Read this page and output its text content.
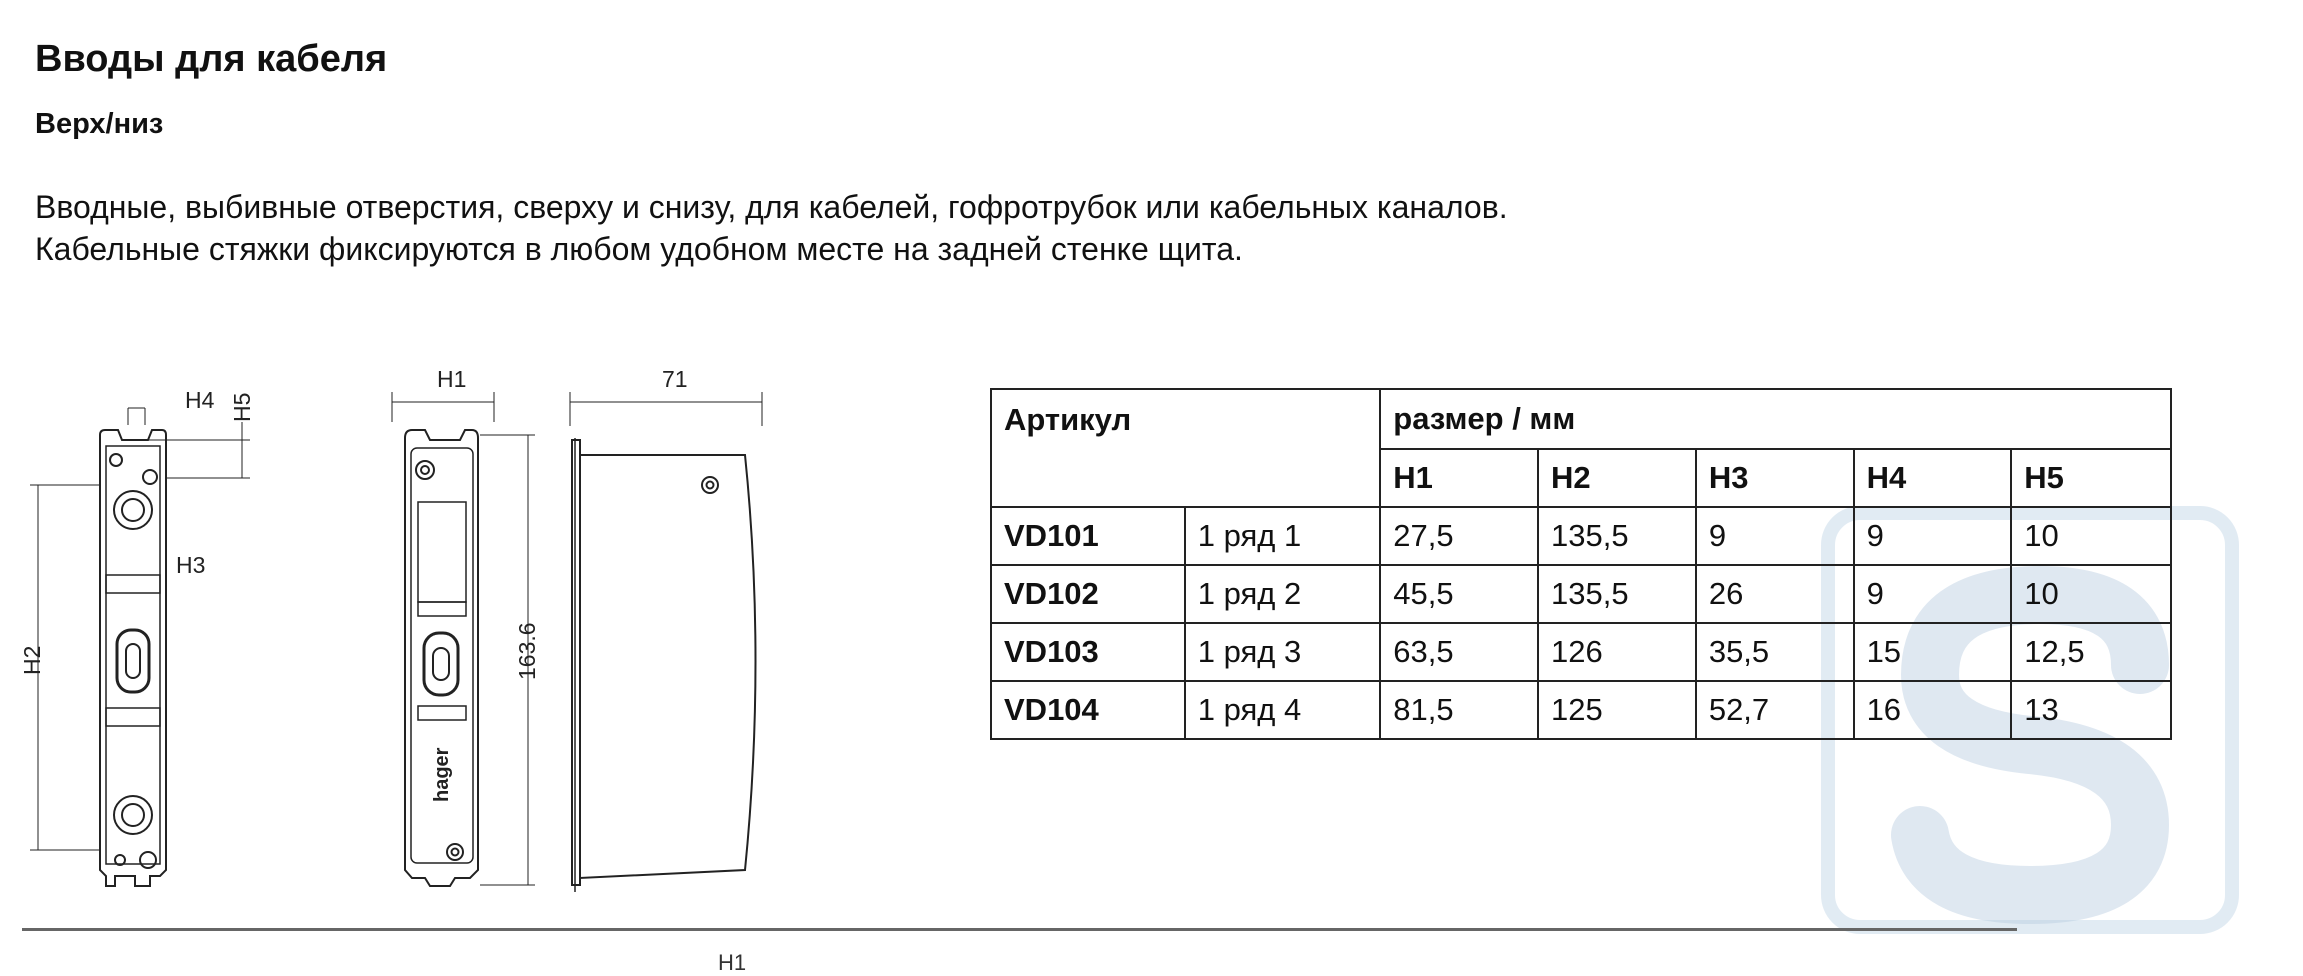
Вводы для кабеля
Верх/низ

Вводные, выбивные отверстия, сверху и снизу, для кабелей, гофротрубок или кабельных каналов.
Кабельные стяжки фиксируются в любом удобном месте на задней стенке щита.

H4 H5
H3
H2
H1
163.6
71
hager
Артикул		размер / мм				
		H1	H2	H3	H4	H5
VD101	1 ряд 1	27,5	135,5	9	9	10
VD102	1 ряд 2	45,5	135,5	26	9	10
VD103	1 ряд 3	63,5	126	35,5	15	12,5
VD104	1 ряд 4	81,5	125	52,7	16	13
H1
